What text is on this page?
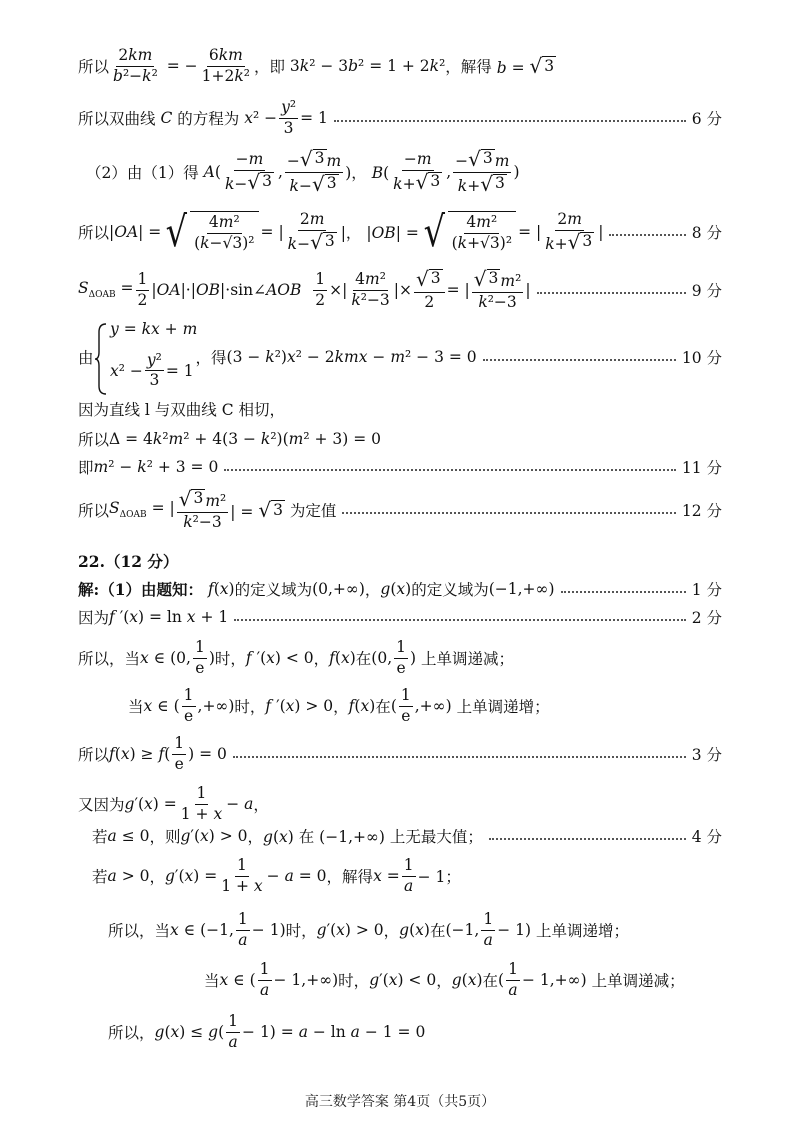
所以 $\frac{2km}{\text{b²−k²}}$ = − $\frac{6km}{\text{1+2k²}}$ ，即 3k² − 3b² = 1 + 2k² ，解得 b = √ 3
所以双曲线 C 的方程为 $x^2 - \frac{\text{y²}}{3} = 1$	6 分
（2）由（1）得 $A( \frac{-m}{k- √ 3}$ , $\frac{- √ 3 m}{k- √ 3}$ )， $B( \frac{-m}{k+ √ 3}$ , $\frac{- √ 3 m}{k+ √ 3}$ )
所以 |OA| = √ $\frac{\text{4m²}}{\text{(k−√3)²}}$ = | $\frac{2m}{k- √ 3}$ |， |OB| = √ $\frac{\text{4m²}}{\text{(k+√3)²}}$ = | $\frac{2m}{k+ √ 3}$ |	8 分
$S_{\Delta OAB} = \frac{1}{2}$ |OA|·|OB|·sin∠AOB $\frac{1}{2}$ ×| $\frac{\text{4m²}}{\text{k²−3}}$ |× $\frac{√ 3}{2}$ = | $\frac{\text{√ 3 m²}}{\text{k²−3}}$ |	9 分
由	，得 (3 − k²)x² − 2kmx − m² − 3 = 0	10 分
y = kx + m
$x^2 - \frac{\text{y²}}{3} = 1$
因为直线 l 与双曲线 C 相切，
所以 Δ = 4k²m² + 4(3 − k²)(m² + 3) = 0
即 m² − k² + 3 = 0	11 分
所以 $S_{\Delta OAB}$ = | $\frac{\text{√ 3 m²}}{\text{k²−3}}$ | = √ 3
为定值	12 分
22.（12 分）
解:（1）由题知： f(x) 的定义域为 (0,+∞) ， g(x) 的定义域为 (−1,+∞)	1 分
因为 f ′(x) = ln x + 1	2 分
所以，当 x ∈ (0, $\frac{1}{e}$ ) 时， f ′(x) < 0 ， f(x) 在 (0, $\frac{1}{e}$ ) 上单调递减；
当 x ∈ ( $\frac{1}{e}$ ,+∞) 时， f ′(x) > 0 ， f(x) 在 ( $\frac{1}{e}$ ,+∞) 上单调递增；
所以 $f(x) \ge f( \frac{1}{e}$ ) = 0	3 分
又因为 $g'(x) = \frac{1}{1 + x} - a$ ，
若 a ≤ 0 ，则 g′(x) > 0 ， g(x) 在 (−1,+∞) 上无最大值；	4 分
若 a > 0 ， $g'(x) = \frac{1}{1 + x} - a = 0$ ，解得 $x = \frac{1}{a} - 1$；
所以，当 x ∈ (−1, $\frac{1}{a} - 1$) 时， g′(x) > 0 ， g(x) 在 (−1, $\frac{1}{a} - 1$) 上单调递增；
当 x ∈ ( $\frac{1}{a} - 1,+\infty$) 时， g′(x) < 0 ， g(x) 在 ( $\frac{1}{a} - 1,+\infty$) 上单调递减；
所以， $g(x) \le g( \frac{1}{a} - 1) = a - \ln a - 1 = 0$
高三数学答案 第4页（共5页）
